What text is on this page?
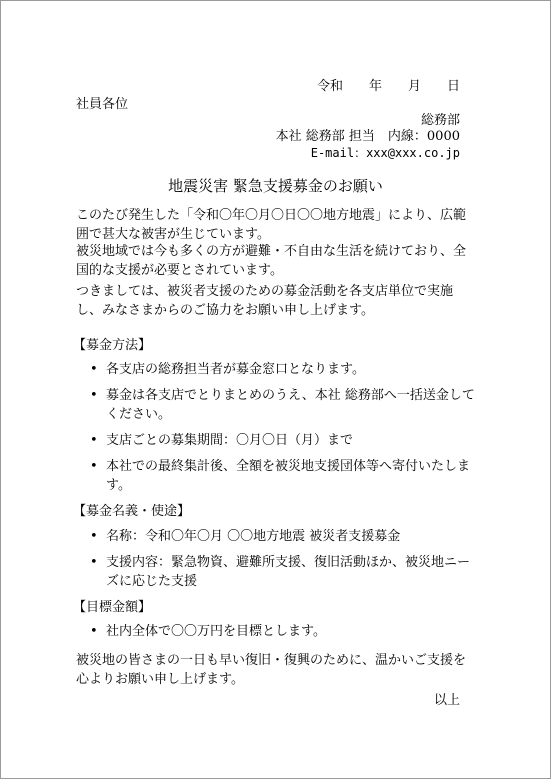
令和　　年　　月　　日
社員各位
総務部
本社 総務部 担当　内線：0000
E-mail：xxx@xxx.co.jp
地震災害 緊急支援募金のお願い
このたび発生した「令和〇年〇月〇日〇〇地方地震」により、広範囲で甚大な被害が生じています。
被災地域では今も多くの方が避難・不自由な生活を続けており、全国的な支援が必要とされています。
つきましては、被災者支援のための募金活動を各支店単位で実施し、みなさまからのご協力をお願い申し上げます。
【募金方法】
• 各支店の総務担当者が募金窓口となります。
• 募金は各支店でとりまとめのうえ、本社 総務部へ一括送金してください。
• 支店ごとの募集期間：〇月〇日（月）まで
• 本社での最終集計後、全額を被災地支援団体等へ寄付いたします。
【募金名義・使途】
• 名称：令和〇年〇月 〇〇地方地震 被災者支援募金
• 支援内容：緊急物資、避難所支援、復旧活動ほか、被災地ニーズに応じた支援
【目標金額】
• 社内全体で〇〇万円を目標とします。
被災地の皆さまの一日も早い復旧・復興のために、温かいご支援を心よりお願い申し上げます。
以上
